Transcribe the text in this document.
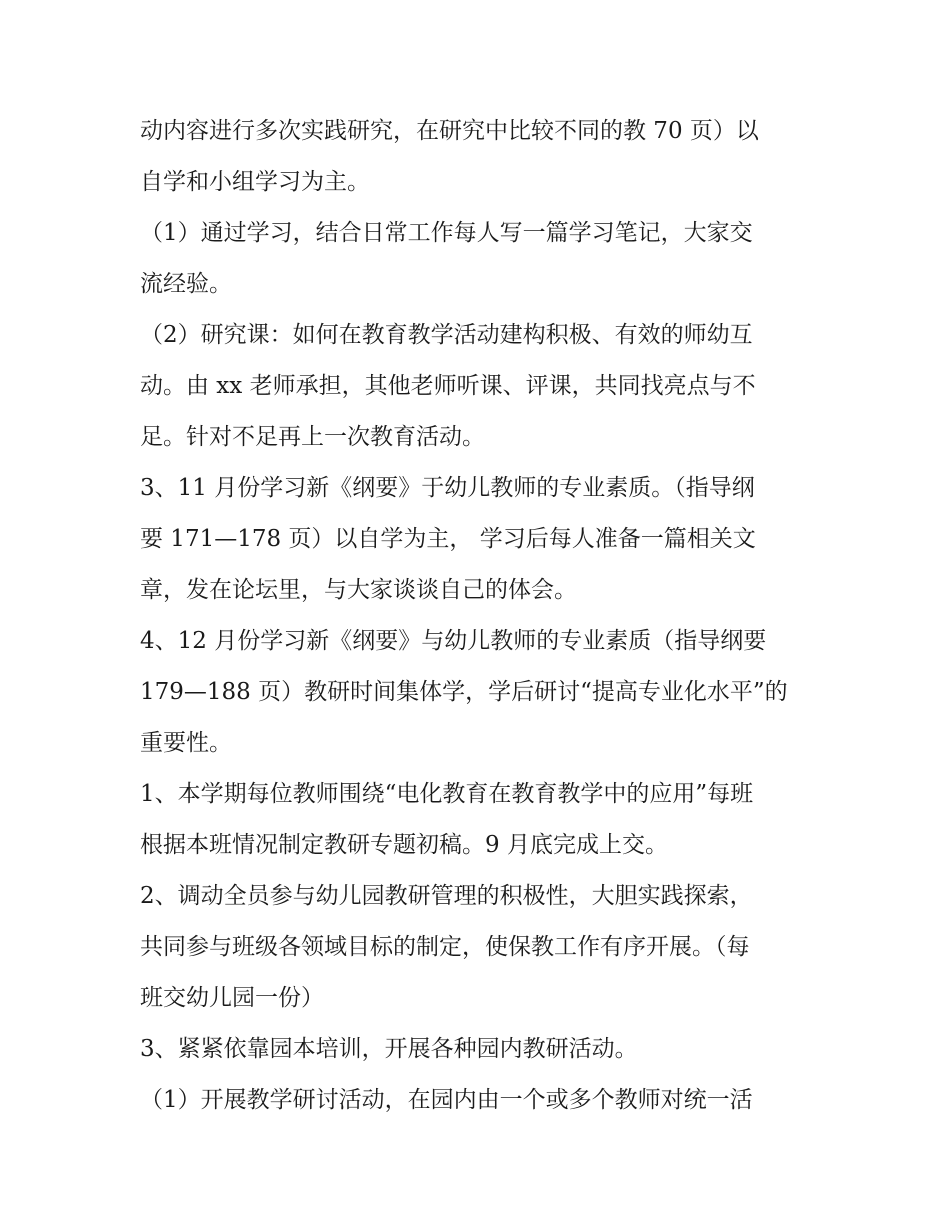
动内容进行多次实践研究，在研究中比较不同的教 70 页）以
自学和小组学习为主。
（1）通过学习，结合日常工作每人写一篇学习笔记，大家交
流经验。
（2）研究课：如何在教育教学活动建构积极、有效的师幼互
动。由 xx 老师承担，其他老师听课、评课，共同找亮点与不
足。针对不足再上一次教育活动。
3、11 月份学习新《纲要》于幼儿教师的专业素质。（指导纲
要 171—178 页）以自学为主， 学习后每人准备一篇相关文
章，发在论坛里，与大家谈谈自己的体会。
4、12 月份学习新《纲要》与幼儿教师的专业素质（指导纲要
179—188 页）教研时间集体学，学后研讨“提高专业化水平”的
重要性。
1、本学期每位教师围绕“电化教育在教育教学中的应用”每班
根据本班情况制定教研专题初稿。9 月底完成上交。
2、调动全员参与幼儿园教研管理的积极性，大胆实践探索，
共同参与班级各领域目标的制定，使保教工作有序开展。（每
班交幼儿园一份）
3、紧紧依靠园本培训，开展各种园内教研活动。
（1）开展教学研讨活动，在园内由一个或多个教师对统一活
